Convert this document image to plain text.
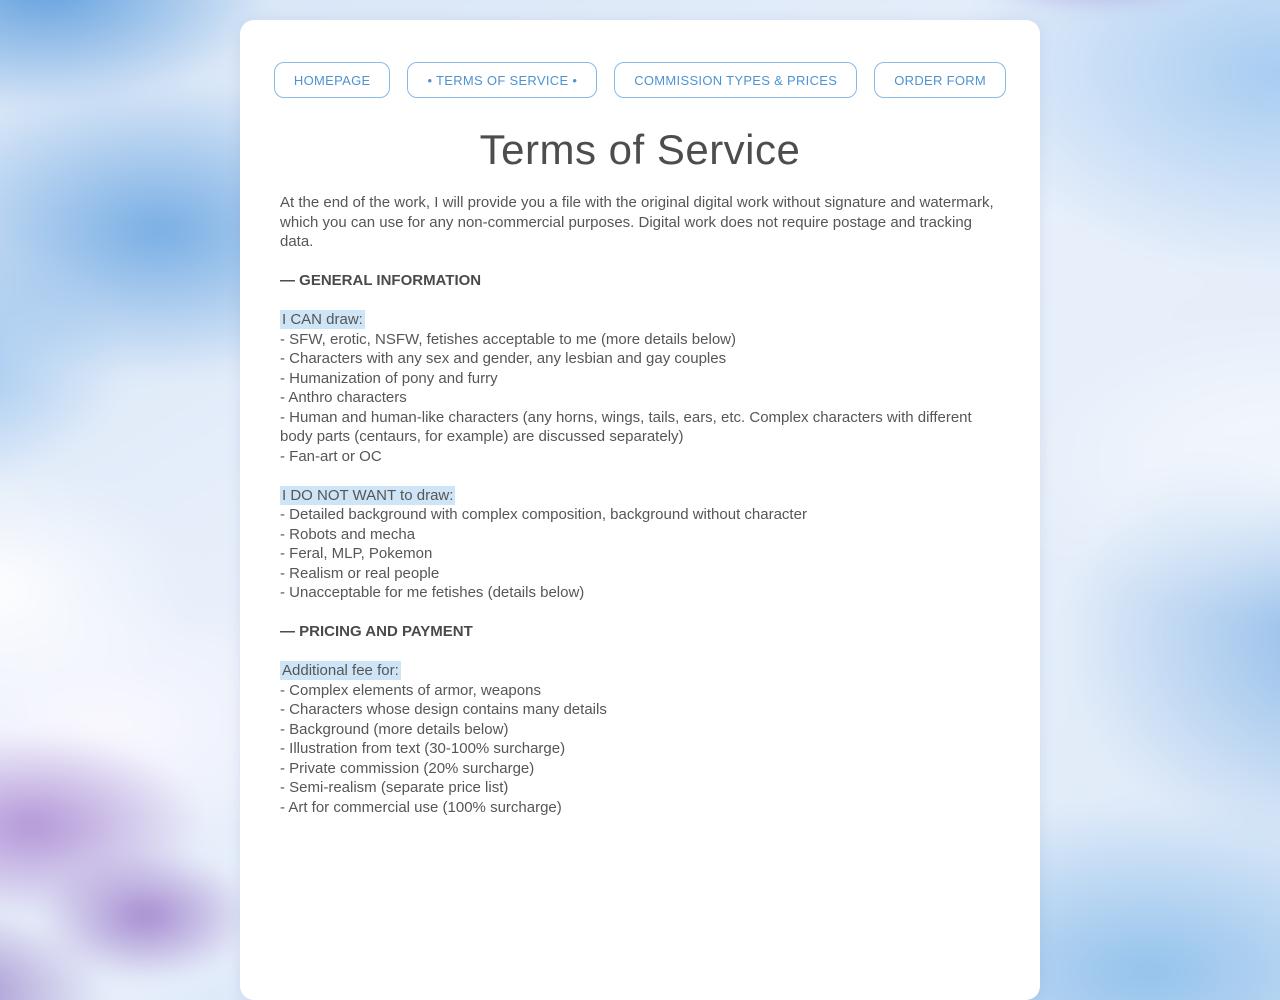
HOMEPAGE	• TERMS OF SERVICE •	COMMISSION TYPES & PRICES	ORDER FORM
Terms of Service
At the end of the work, I will provide you a file with the original digital work without signature and watermark, which you can use for any non-commercial purposes. Digital work does not require postage and tracking data.
— GENERAL INFORMATION
I CAN draw:
- SFW, erotic, NSFW, fetishes acceptable to me (more details below)
- Characters with any sex and gender, any lesbian and gay couples
- Humanization of pony and furry
- Anthro characters
- Human and human-like characters (any horns, wings, tails, ears, etc. Complex characters with different body parts (centaurs, for example) are discussed separately)
- Fan-art or OC
I DO NOT WANT to draw:
- Detailed background with complex composition, background without character
- Robots and mecha
- Feral, MLP, Pokemon
- Realism or real people
- Unacceptable for me fetishes (details below)
— PRICING AND PAYMENT
Additional fee for:
- Complex elements of armor, weapons
- Characters whose design contains many details
- Background (more details below)
- Illustration from text (30-100% surcharge)
- Private commission (20% surcharge)
- Semi-realism (separate price list)
- Art for commercial use (100% surcharge)
